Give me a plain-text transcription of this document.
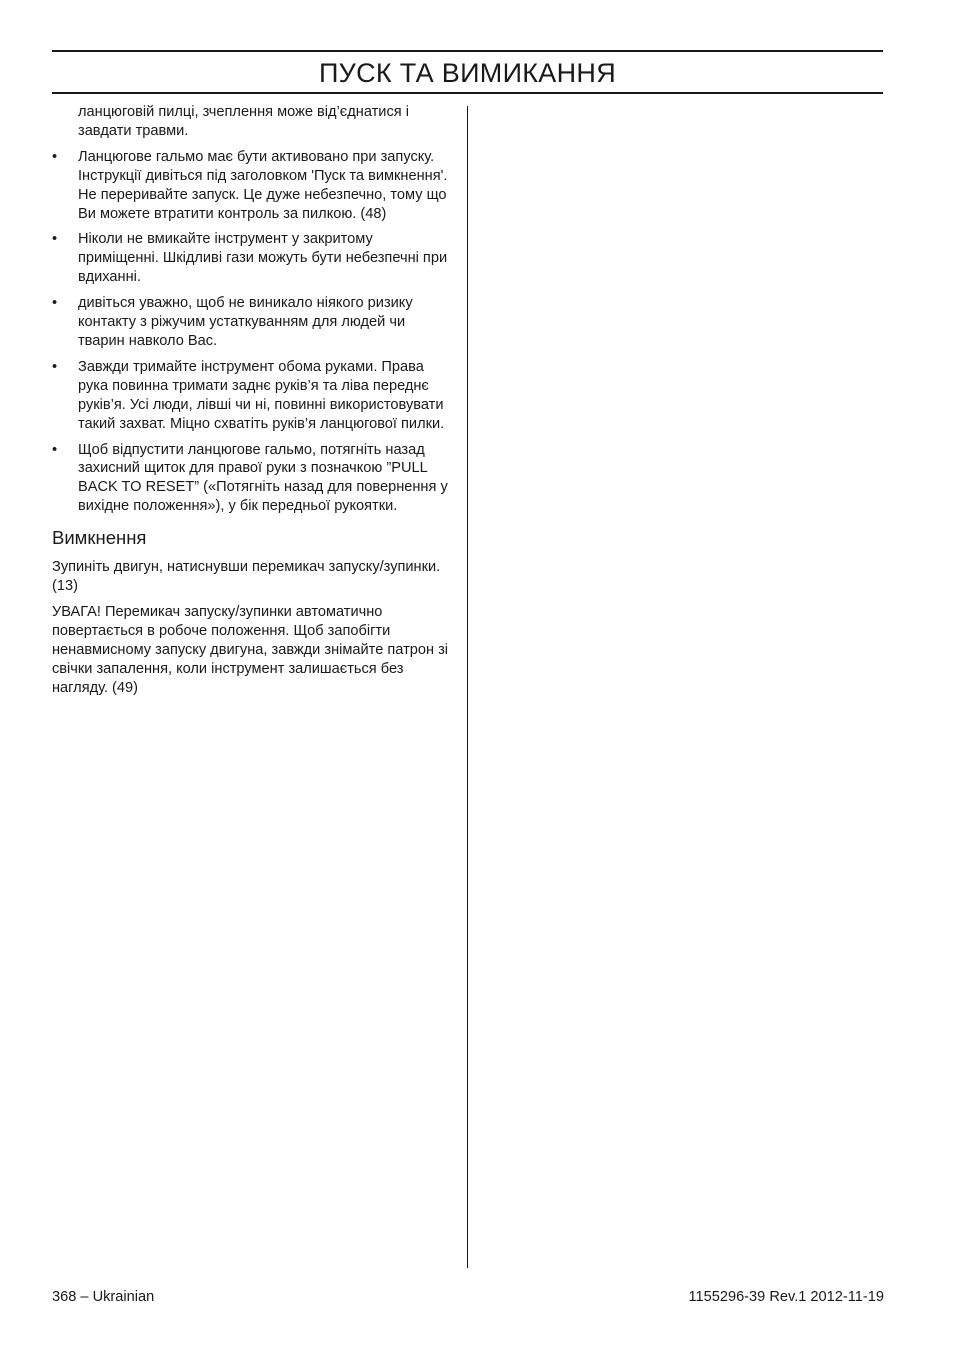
ПУСК ТА ВИМИКАННЯ

ланцюговій пилці, зчеплення може від’єднатися і завдати травми.

•	Ланцюгове гальмо має бути активовано при запуску. Інструкції дивіться під заголовком 'Пуск та вимкнення'. Не переривайте запуск. Це дуже небезпечно, тому що Ви можете втратити контроль за пилкою. (48)
•	Ніколи не вмикайте інструмент у закритому приміщенні. Шкідливі гази можуть бути небезпечні при вдиханні.
•	дивіться уважно, щоб не виникало ніякого ризику контакту з ріжучим устаткуванням для людей чи тварин навколо Вас.
•	Завжди тримайте інструмент обома руками. Права рука повинна тримати заднє руків’я та ліва переднє руків’я. Усі люди, лівші чи ні, повинні використовувати такий захват. Міцно схватіть руків’я ланцюгової пилки.
•	Щоб відпустити ланцюгове гальмо, потягніть назад захисний щиток для правої руки з позначкою ”PULL BACK TO RESET” («Потягніть назад для повернення у вихідне положення»), у бік передньої рукоятки.
Вимкнення

Зупиніть двигун, натиснувши перемикач запуску/зупинки. (13)

УВАГА! Перемикач запуску/зупинки автоматично повертається в робоче положення. Щоб запобігти ненавмисному запуску двигуна, завжди знімайте патрон зі свічки запалення, коли інструмент залишається без нагляду. (49)

368 – Ukrainian	1155296-39 Rev.1 2012-11-19
